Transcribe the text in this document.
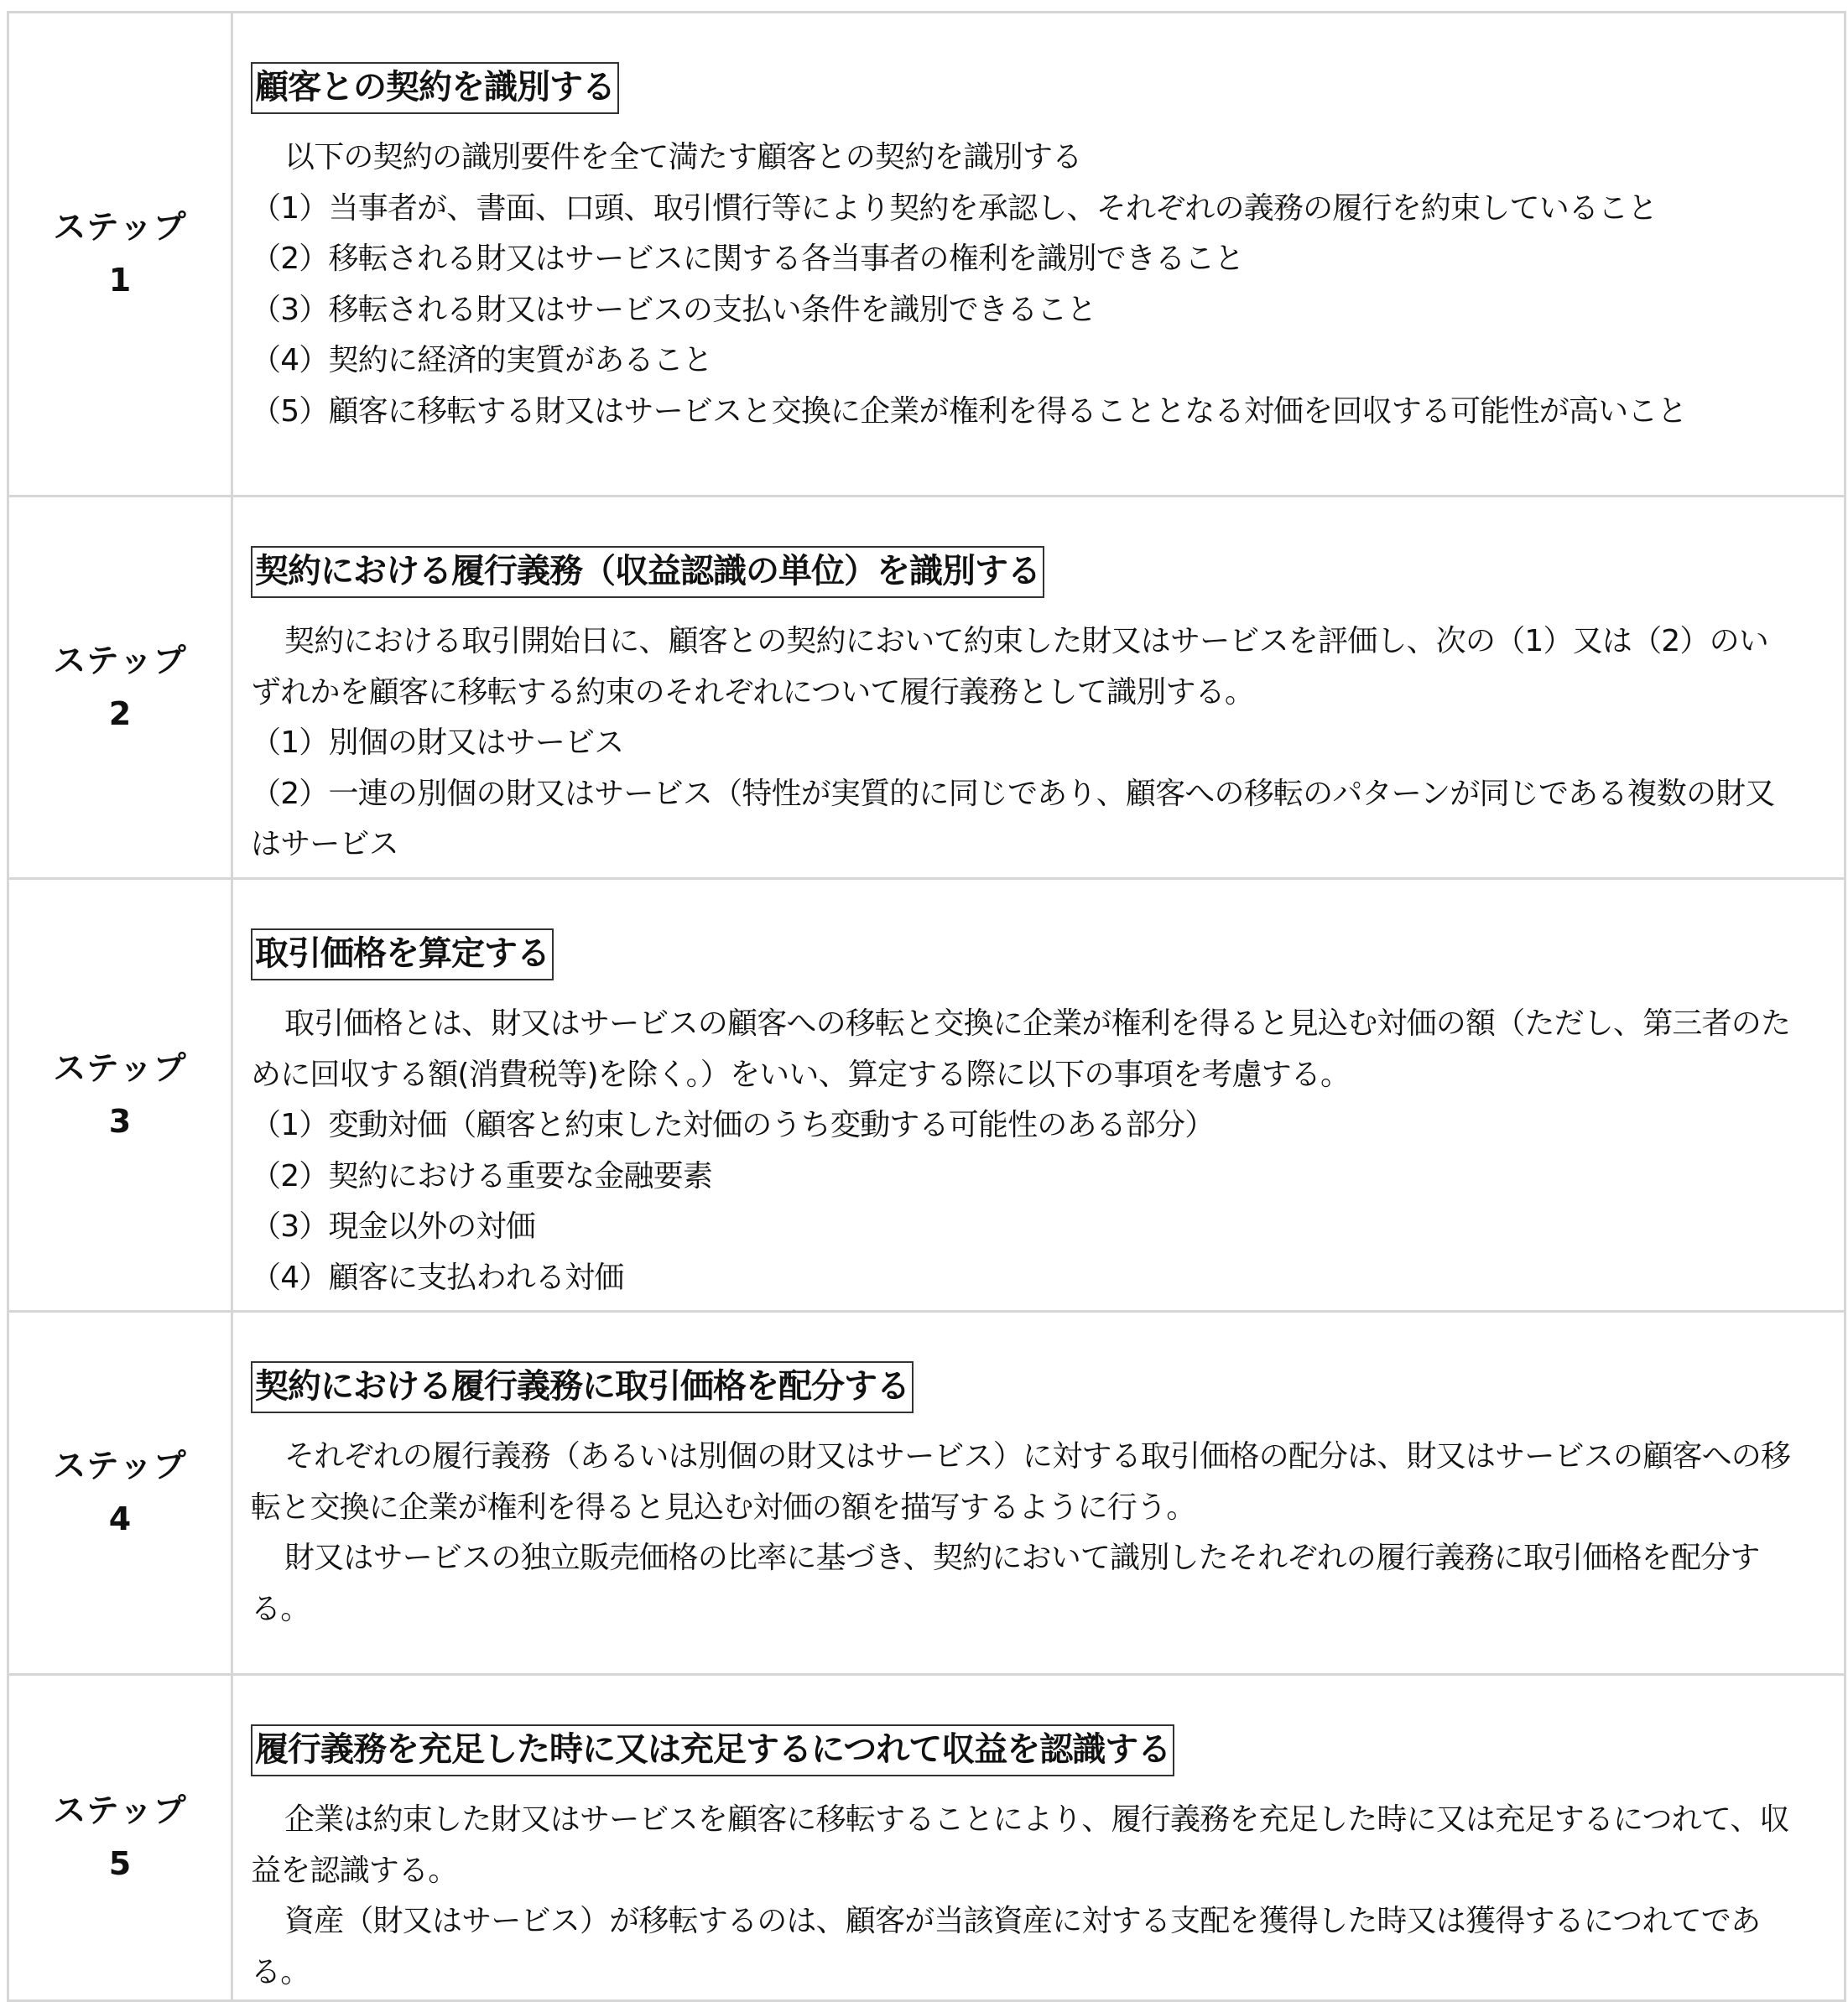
ステップ
1
	顧客との契約を識別する
以下の契約の識別要件を全て満たす顧客との契約を識別する
（1）当事者が、書面、口頭、取引慣行等により契約を承認し、それぞれの義務の履行を約束していること
（2）移転される財又はサービスに関する各当事者の権利を識別できること
（3）移転される財又はサービスの支払い条件を識別できること
（4）契約に経済的実質があること
（5）顧客に移転する財又はサービスと交換に企業が権利を得ることとなる対価を回収する可能性が高いこと

ステップ
2
	契約における履行義務（収益認識の単位）を識別する
契約における取引開始日に、顧客との契約において約束した財又はサービスを評価し、次の（1）又は（2）のいずれかを顧客に移転する約束のそれぞれについて履行義務として識別する。
（1）別個の財又はサービス
（2）一連の別個の財又はサービス（特性が実質的に同じであり、顧客への移転のパターンが同じである複数の財又はサービス

ステップ
3
	取引価格を算定する
取引価格とは、財又はサービスの顧客への移転と交換に企業が権利を得ると見込む対価の額（ただし、第三者のために回収する額(消費税等)を除く。）をいい、算定する際に以下の事項を考慮する。
（1）変動対価（顧客と約束した対価のうち変動する可能性のある部分）
（2）契約における重要な金融要素
（3）現金以外の対価
（4）顧客に支払われる対価

ステップ
4
	契約における履行義務に取引価格を配分する
それぞれの履行義務（あるいは別個の財又はサービス）に対する取引価格の配分は、財又はサービスの顧客への移転と交換に企業が権利を得ると見込む対価の額を描写するように行う。
財又はサービスの独立販売価格の比率に基づき、契約において識別したそれぞれの履行義務に取引価格を配分する。

ステップ
5
	履行義務を充足した時に又は充足するにつれて収益を認識する
企業は約束した財又はサービスを顧客に移転することにより、履行義務を充足した時に又は充足するにつれて、収益を認識する。
資産（財又はサービス）が移転するのは、顧客が当該資産に対する支配を獲得した時又は獲得するにつれてである。
